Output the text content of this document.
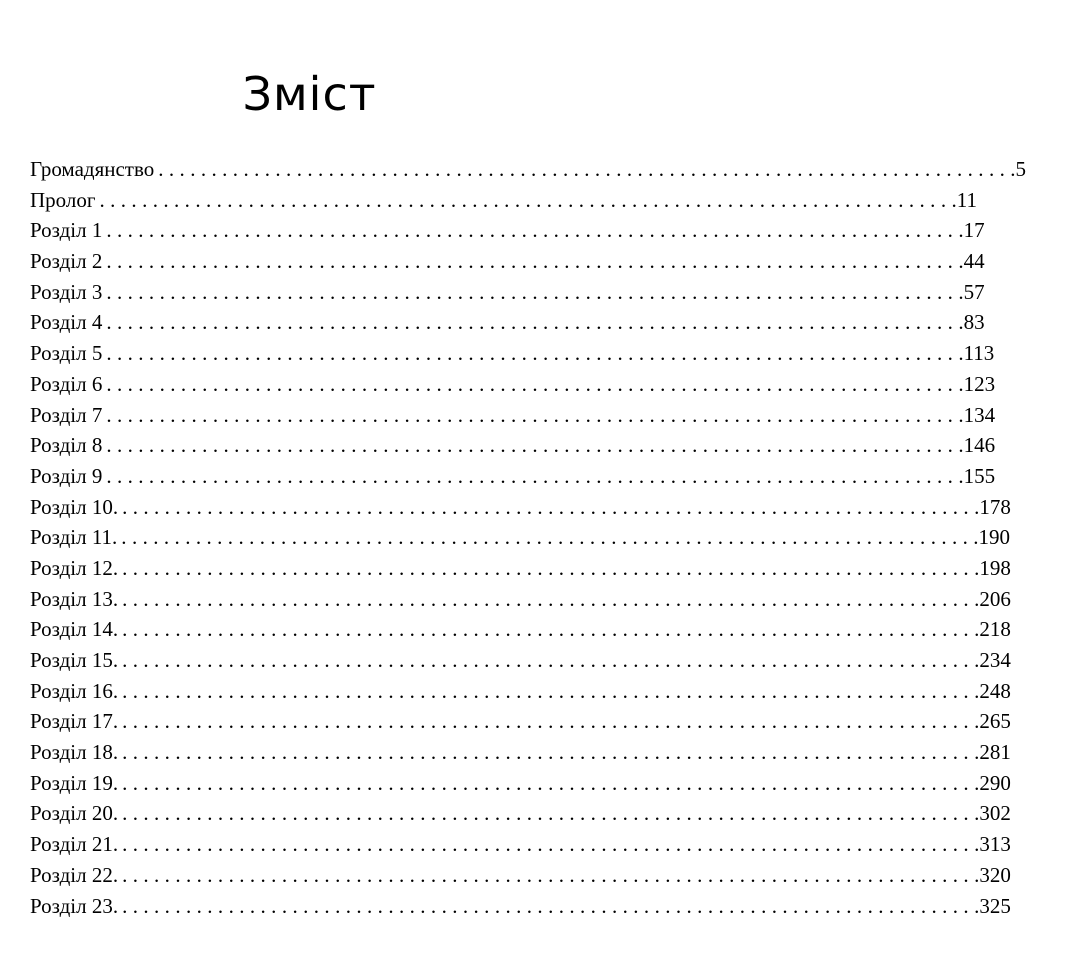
Зміст
Громадянство ................................................................................ .5
Пролог ................................................................................ .11
Розділ 1 ................................................................................ .17
Розділ 2 ................................................................................ .44
Розділ 3 ................................................................................ .57
Розділ 4 ................................................................................ .83
Розділ 5 ................................................................................ .113
Розділ 6 ................................................................................ .123
Розділ 7 ................................................................................ .134
Розділ 8 ................................................................................ .146
Розділ 9 ................................................................................ .155
Розділ 10. ................................................................................ .178
Розділ 11. ................................................................................ .190
Розділ 12. ................................................................................ .198
Розділ 13. ................................................................................ .206
Розділ 14. ................................................................................ .218
Розділ 15. ................................................................................ .234
Розділ 16. ................................................................................ .248
Розділ 17. ................................................................................ .265
Розділ 18. ................................................................................ .281
Розділ 19. ................................................................................ .290
Розділ 20. ................................................................................ .302
Розділ 21. ................................................................................ .313
Розділ 22. ................................................................................ .320
Розділ 23. ................................................................................ .325
